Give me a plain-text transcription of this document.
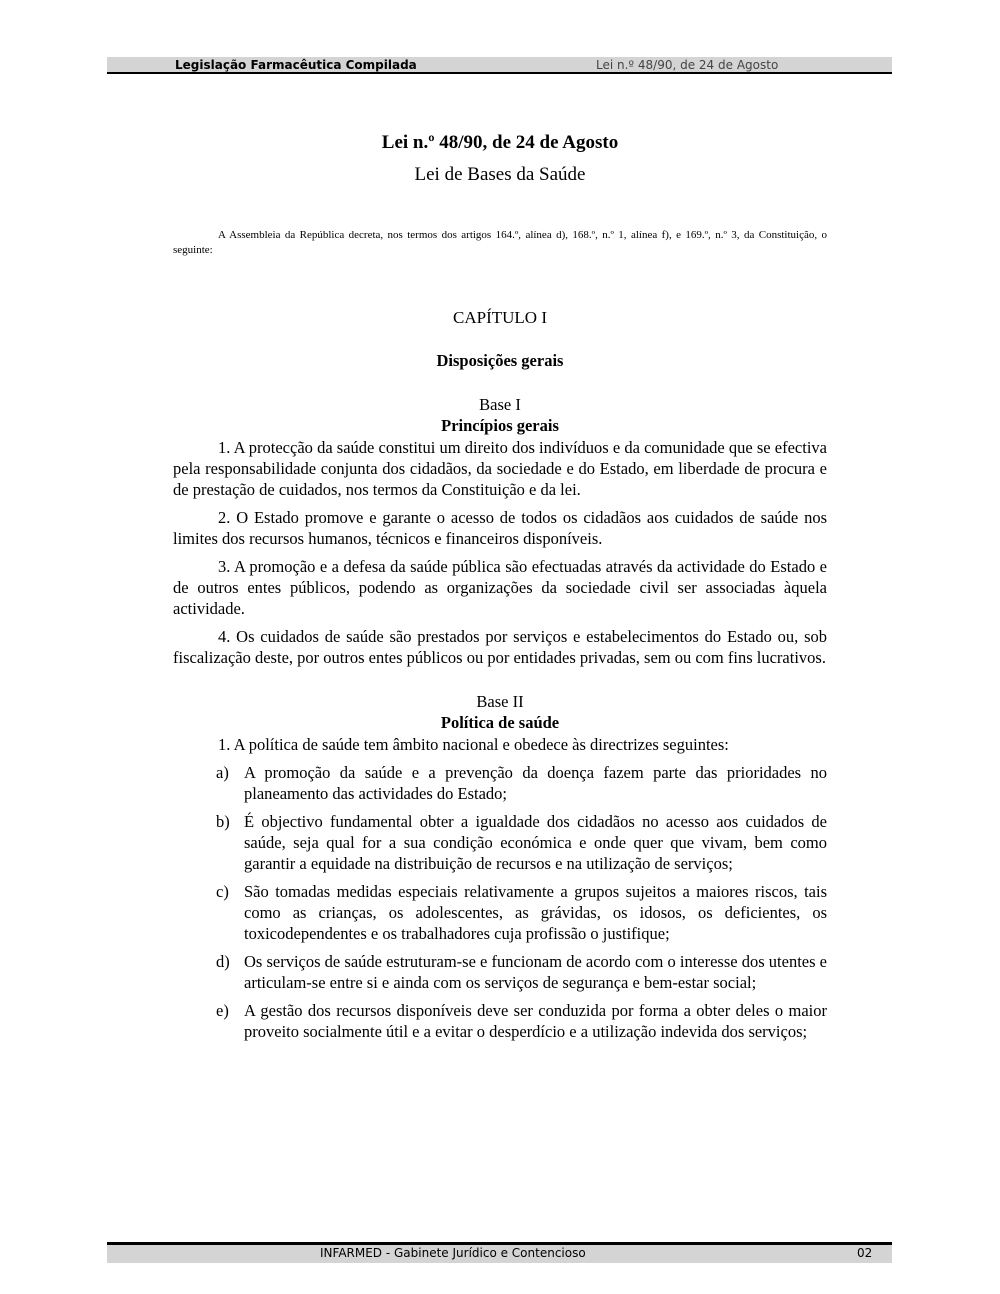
Legislação Farmacêutica Compilada	Lei n.º 48/90, de 24 de Agosto

Lei n.º 48/90, de 24 de Agosto

Lei de Bases da Saúde

A Assembleia da República decreta, nos termos dos artigos 164.º, alínea d), 168.º, n.º 1, alínea f), e 169.º, n.º 3, da Constituição, o seguinte:

CAPÍTULO I

Disposições gerais

Base I

Princípios gerais

1. A protecção da saúde constitui um direito dos indivíduos e da comunidade que se efectiva pela responsabilidade conjunta dos cidadãos, da sociedade e do Estado, em liberdade de procura e de prestação de cuidados, nos termos da Constituição e da lei.

2. O Estado promove e garante o acesso de todos os cidadãos aos cuidados de saúde nos limites dos recursos humanos, técnicos e financeiros disponíveis.

3. A promoção e a defesa da saúde pública são efectuadas através da actividade do Estado e de outros entes públicos, podendo as organizações da sociedade civil ser associadas àquela actividade.

4. Os cuidados de saúde são prestados por serviços e estabelecimentos do Estado ou, sob fiscalização deste, por outros entes públicos ou por entidades privadas, sem ou com fins lucrativos.

Base II

Política de saúde

1. A política de saúde tem âmbito nacional e obedece às directrizes seguintes:

a) A promoção da saúde e a prevenção da doença fazem parte das prioridades no planeamento das actividades do Estado;
b) É objectivo fundamental obter a igualdade dos cidadãos no acesso aos cuidados de saúde, seja qual for a sua condição económica e onde quer que vivam, bem como garantir a equidade na distribuição de recursos e na utilização de serviços;
c) São tomadas medidas especiais relativamente a grupos sujeitos a maiores riscos, tais como as crianças, os adolescentes, as grávidas, os idosos, os deficientes, os toxicodependentes e os trabalhadores cuja profissão o justifique;
d) Os serviços de saúde estruturam-se e funcionam de acordo com o interesse dos utentes e articulam-se entre si e ainda com os serviços de segurança e bem-estar social;
e) A gestão dos recursos disponíveis deve ser conduzida por forma a obter deles o maior proveito socialmente útil e a evitar o desperdício e a utilização indevida dos serviços;
INFARMED - Gabinete Jurídico e Contencioso	02
